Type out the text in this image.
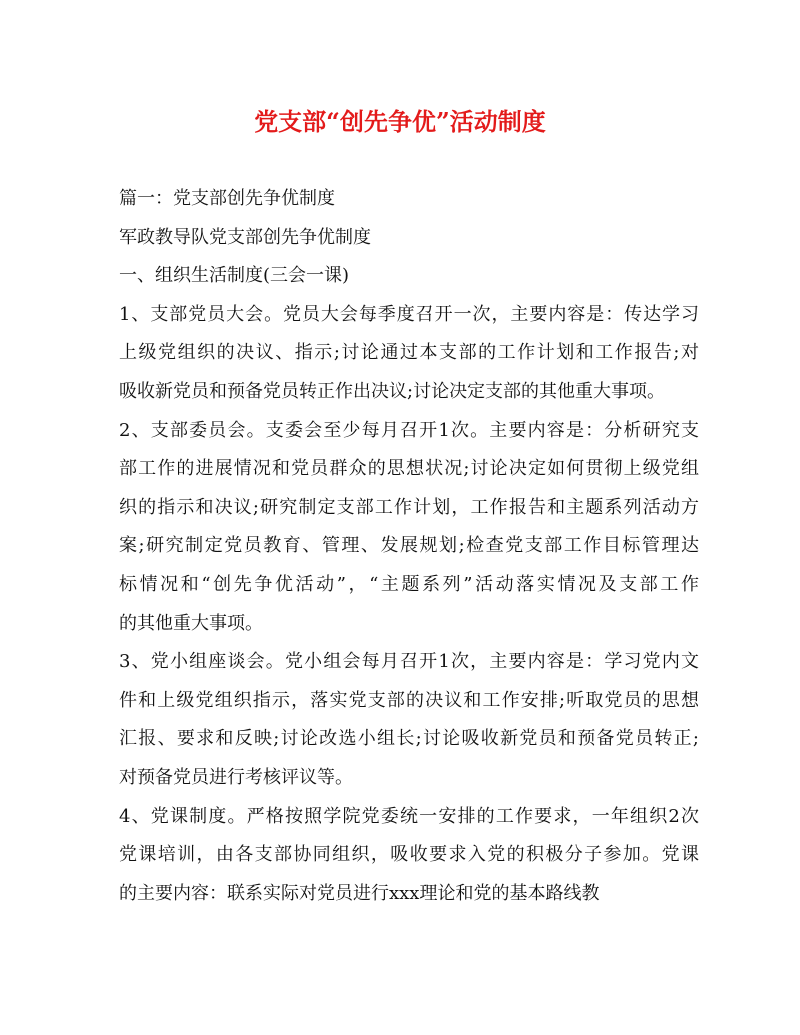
党支部“创先争优”活动制度

篇一：党支部创先争优制度

军政教导队党支部创先争优制度

一、组织生活制度(三会一课)

1、支部党员大会。党员大会每季度召开一次，主要内容是：传达学习

上级党组织的决议、指示;讨论通过本支部的工作计划和工作报告;对

吸收新党员和预备党员转正作出决议;讨论决定支部的其他重大事项。

2、支部委员会。支委会至少每月召开1次。主要内容是：分析研究支

部工作的进展情况和党员群众的思想状况;讨论决定如何贯彻上级党组

织的指示和决议;研究制定支部工作计划，工作报告和主题系列活动方

案;研究制定党员教育、管理、发展规划;检查党支部工作目标管理达

标情况和“创先争优活动”，“主题系列”活动落实情况及支部工作

的其他重大事项。

3、党小组座谈会。党小组会每月召开1次，主要内容是：学习党内文

件和上级党组织指示，落实党支部的决议和工作安排;听取党员的思想

汇报、要求和反映;讨论改选小组长;讨论吸收新党员和预备党员转正;

对预备党员进行考核评议等。

4、党课制度。严格按照学院党委统一安排的工作要求，一年组织2次

党课培训，由各支部协同组织，吸收要求入党的积极分子参加。党课

的主要内容：联系实际对党员进行xxx理论和党的基本路线教
